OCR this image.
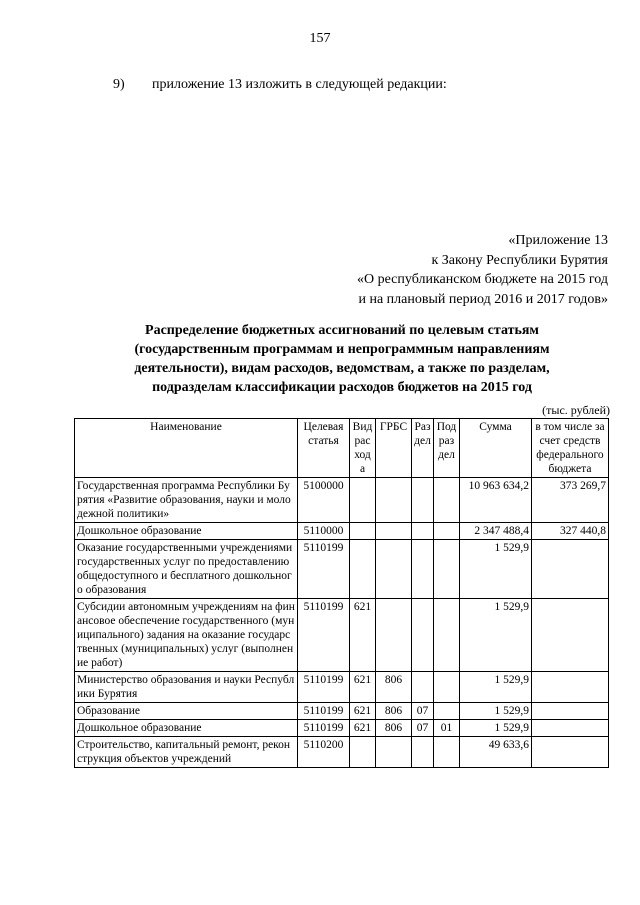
157
9) приложение 13 изложить в следующей редакции:
«Приложение 13
к Закону Республики Бурятия
«О республиканском бюджете на 2015 год
и на плановый период 2016 и 2017 годов»
Распределение бюджетных ассигнований по целевым статьям
(государственным программам и непрограммным направлениям
деятельности), видам расходов, ведомствам, а также по разделам,
подразделам классификации расходов бюджетов на 2015 год
(тыс. рублей)
Наименование	Целевая статья	Вид расхода	ГРБС	Раздел	Подраздел	Сумма	в том числе за счет средств федерального бюджета
Государственная программа Республики Бурятия «Развитие образования, науки и молодежной политики»	5100000					10 963 634,2	373 269,7
Дошкольное образование	5110000					2 347 488,4	327 440,8
Оказание государственными учреждениями государственных услуг по предоставлению общедоступного и бесплатного дошкольного образования	5110199					1 529,9	
Субсидии автономным учреждениям на финансовое обеспечение государственного (муниципального) задания на оказание государственных (муниципальных) услуг (выполнение работ)	5110199	621				1 529,9	
Министерство образования и науки Республики Бурятия	5110199	621	806			1 529,9	
Образование	5110199	621	806	07		1 529,9	
Дошкольное образование	5110199	621	806	07	01	1 529,9	
Строительство, капитальный ремонт, реконструкция объектов учреждений	5110200					49 633,6	
